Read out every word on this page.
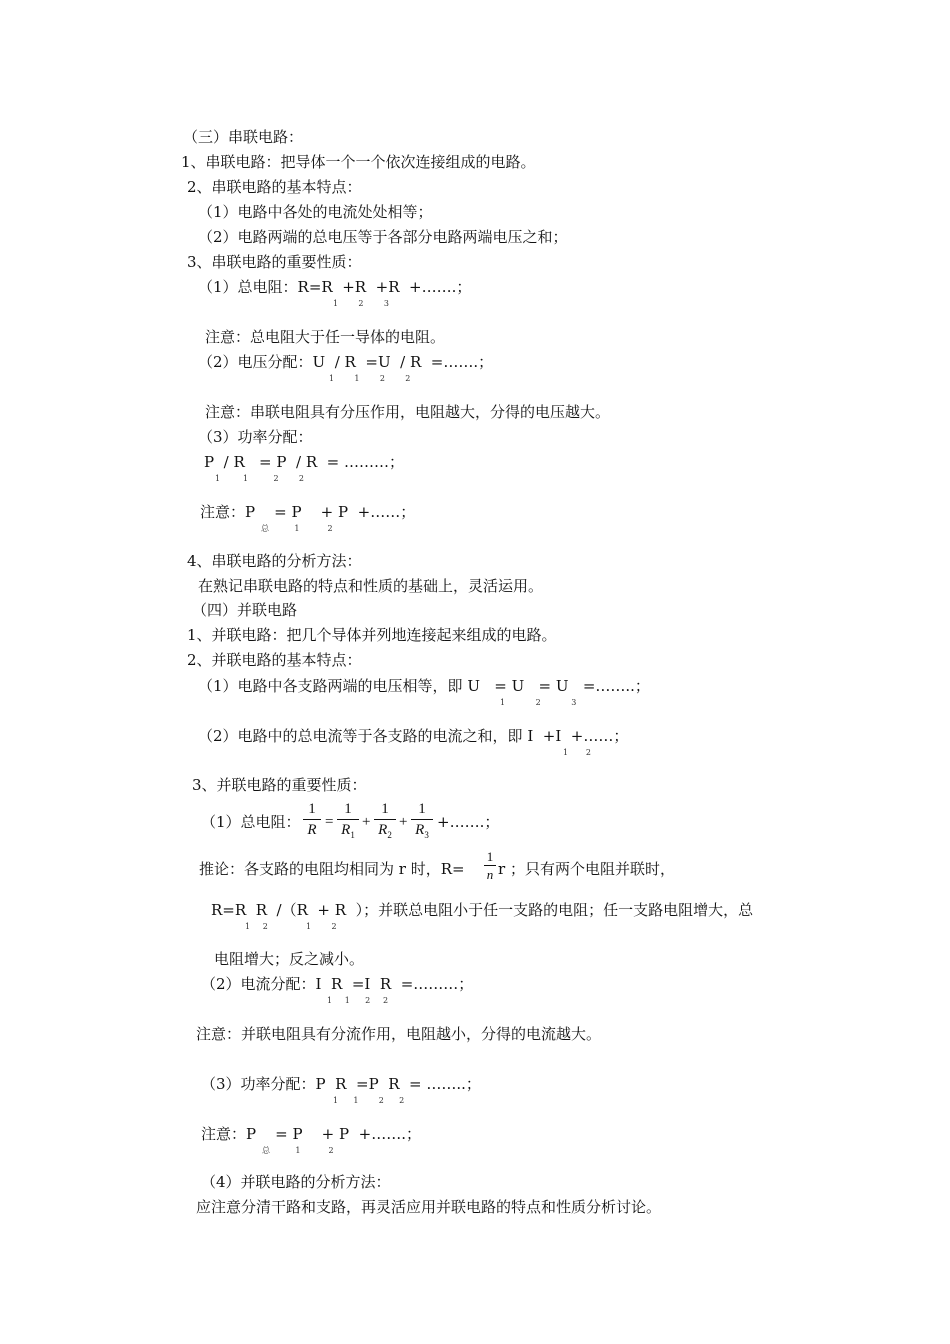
（三）串联电路：
1、串联电路：把导体一个一个依次连接组成的电路。
2、串联电路的基本特点：
（1）电路中各处的电流处处相等；
（2）电路两端的总电压等于各部分电路两端电压之和；
3、串联电路的重要性质：
（1）总电阻：R=R  +R  +R  +…….；
1        2        3
注意：总电阻大于任一导体的电阻。
（2）电压分配：U  / R  =U  / R  =…….；
1        1        2        2
注意：串联电阻具有分压作用，电阻越大，分得的电压越大。
（3）功率分配：
P  / R   = P  / R  = ………；
1         1          2        2
注意：P    = P    + P  +……；
总          1           2
4、串联电路的分析方法：
在熟记串联电路的特点和性质的基础上，灵活运用。
（四）并联电路
1、并联电路：把几个导体并列地连接起来组成的电路。
2、并联电路的基本特点：
（1）电路中各支路两端的电压相等，即 U   = U   = U   =……..；
1            2            3
（2）电路中的总电流等于各支路的电流之和，即 I  +I  +……；
1       2
3、并联电路的重要性质：
（1）总电阻：
1
R =
1
$R_1$
+
1
$R_2$
+
1
$R_3$
+…….；
推论：各支路的电阻均相同为 r 时，R=
1
n r ；只有两个电阻并联时，
R=R  R  /（R  + R  ）；并联总电阻小于任一支路的电阻；任一支路电阻增大，总
1     2               1        2
电阻增大；反之减小。
（2）电流分配：I  R  =I  R  =………；
1     1      2     2
注意：并联电阻具有分流作用，电阻越小，分得的电流越大。
（3）功率分配：P  R  =P  R  = ……..；
1      1        2      2
注意：P    = P    + P  +…….；
总          1           2
（4）并联电路的分析方法：
应注意分清干路和支路，再灵活应用并联电路的特点和性质分析讨论。
